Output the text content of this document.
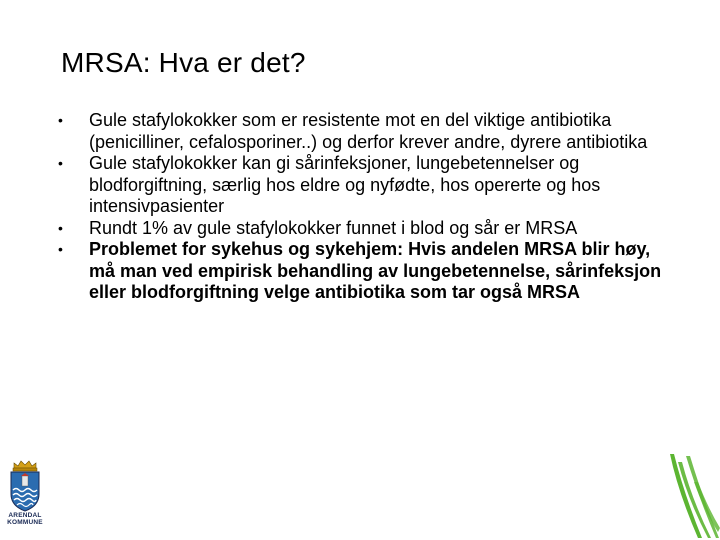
MRSA: Hva er det?
• Gule stafylokokker som er resistente mot en del viktige antibiotika (penicilliner, cefalosporiner..) og derfor krever andre, dyrere antibiotika
• Gule stafylokokker kan gi sårinfeksjoner, lungebetennelser og blodforgiftning, særlig hos eldre og nyfødte, hos opererte og hos intensivpasienter
• Rundt 1% av gule stafylokokker funnet i blod og sår er MRSA
• Problemet for sykehus og sykehjem: Hvis andelen MRSA blir høy, må man ved empirisk behandling av lungebetennelse, sårinfeksjon eller blodforgiftning velge antibiotika som tar også MRSA
ARENDAL
KOMMUNE
